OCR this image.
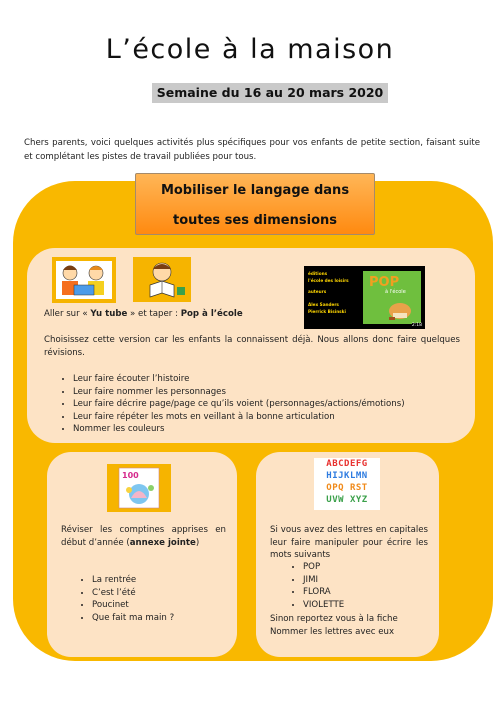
L’école à la maison
Semaine du 16 au 20 mars 2020
Chers parents, voici quelques activités plus spécifiques pour vos enfants de petite section, faisant suite et complétant les pistes de travail publiées pour tous.
Mobiliser le langage dans
toutes ses dimensions
éditions
l'école des loisirs
auteurs
Alex Sanders
Pierrick Bisinski
POP
à l'école
2:18
Aller sur « Yu tube » et taper : Pop à l’école
Choisissez cette version car les enfants la connaissent déjà. Nous allons donc faire quelques révisions.
• Leur faire écouter l’histoire
• Leur faire nommer les personnages
• Leur faire décrire page/page ce qu’ils voient (personnages/actions/émotions)
• Leur faire répéter les mots en veillant à la bonne articulation
• Nommer les couleurs
100
Réviser les comptines apprises en début d’année (annexe jointe)
• La rentrée
• C’est l’été
• Poucinet
• Que fait ma main ?
ABCDEFG
HIJKLMN
OPQ RST
UVW XYZ
Si vous avez des lettres en capitales leur faire manipuler pour écrire les mots suivants
• POP
• JIMI
• FLORA
• VIOLETTE
Sinon reportez vous à la fiche
Nommer les lettres avec eux
